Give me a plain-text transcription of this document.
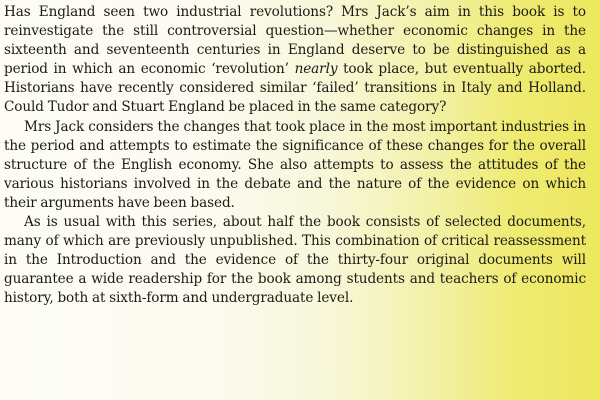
Has England seen two industrial revolutions? Mrs Jack’s aim in this book is to reinvestigate the still controversial question—whether economic changes in the sixteenth and seventeenth centuries in England deserve to be distinguished as a period in which an economic ‘revolution’ nearly took place, but eventually aborted. Historians have recently considered similar ‘failed’ transitions in Italy and Holland. Could Tudor and Stuart England be placed in the same category?

Mrs Jack considers the changes that took place in the most important industries in the period and attempts to estimate the significance of these changes for the overall structure of the English economy. She also attempts to assess the attitudes of the various historians involved in the debate and the nature of the evidence on which their arguments have been based.

As is usual with this series, about half the book consists of selected documents, many of which are previously unpublished. This combination of critical reassessment in the Introduction and the evidence of the thirty-four original documents will guarantee a wide readership for the book among students and teachers of economic history, both at sixth-form and undergraduate level.
